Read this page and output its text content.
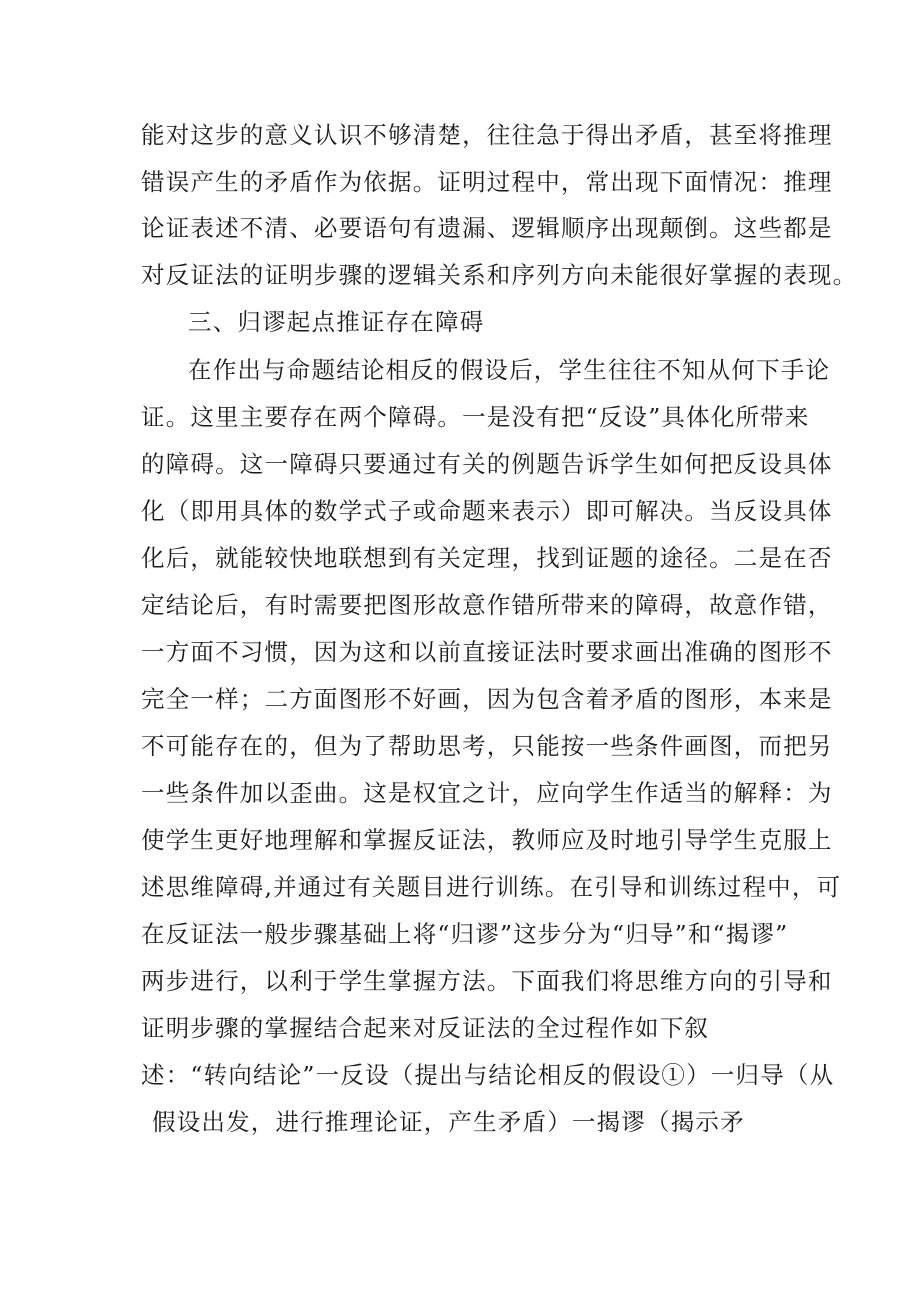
能对这步的意义认识不够清楚，往往急于得出矛盾，甚至将推理
错误产生的矛盾作为依据。证明过程中，常出现下面情况：推理
论证表述不清、必要语句有遗漏、逻辑顺序出现颠倒。这些都是
对反证法的证明步骤的逻辑关系和序列方向未能很好掌握的表现。
三、归谬起点推证存在障碍
在作出与命题结论相反的假设后，学生往往不知从何下手论
证。这里主要存在两个障碍。一是没有把“反设”具体化所带来
的障碍。这一障碍只要通过有关的例题告诉学生如何把反设具体
化（即用具体的数学式子或命题来表示）即可解决。当反设具体
化后，就能较快地联想到有关定理，找到证题的途径。二是在否
定结论后，有时需要把图形故意作错所带来的障碍，故意作错，
一方面不习惯，因为这和以前直接证法时要求画出准确的图形不
完全一样；二方面图形不好画，因为包含着矛盾的图形，本来是
不可能存在的，但为了帮助思考，只能按一些条件画图，而把另
一些条件加以歪曲。这是权宜之计，应向学生作适当的解释：为
使学生更好地理解和掌握反证法，教师应及时地引导学生克服上
述思维障碍,并通过有关题目进行训练。在引导和训练过程中，可
在反证法一般步骤基础上将“归谬”这步分为“归导”和“揭谬”
两步进行，以利于学生掌握方法。下面我们将思维方向的引导和
证明步骤的掌握结合起来对反证法的全过程作如下叙
述：“转向结论”一反设（提出与结论相反的假设①）一归导（从
假设出发，进行推理论证，产生矛盾）一揭谬（揭示矛
